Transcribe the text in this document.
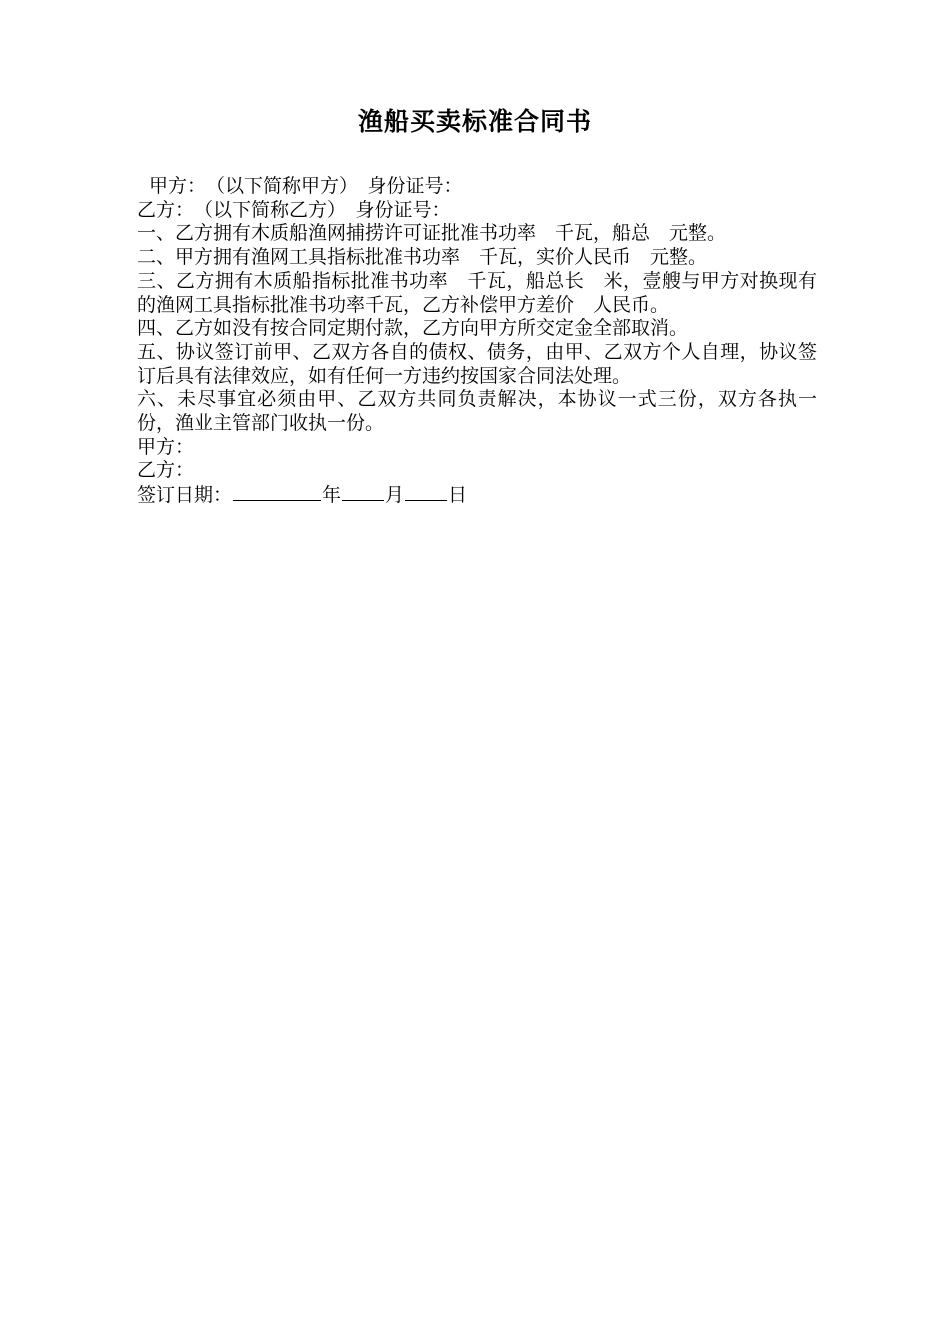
渔船买卖标准合同书
甲方：　（以下简称甲方）　身份证号：
乙方：　（以下简称乙方）　身份证号：
一、乙方拥有木质船渔网捕捞许可证批准书功率　千瓦，船总　元整。
二、甲方拥有渔网工具指标批准书功率　千瓦，实价人民币　元整。
三、乙方拥有木质船指标批准书功率　千瓦，船总长　米，壹艘与甲方对换现有的渔网工具指标批准书功率千瓦，乙方补偿甲方差价　人民币。
四、乙方如没有按合同定期付款，乙方向甲方所交定金全部取消。
五、协议签订前甲、乙双方各自的债权、债务，由甲、乙双方个人自理，协议签订后具有法律效应，如有任何一方违约按国家合同法处理。
六、未尽事宜必须由甲、乙双方共同负责解决，本协议一式三份，双方各执一份，渔业主管部门收执一份。
甲方：
乙方：
签订日期：	年 月 日
